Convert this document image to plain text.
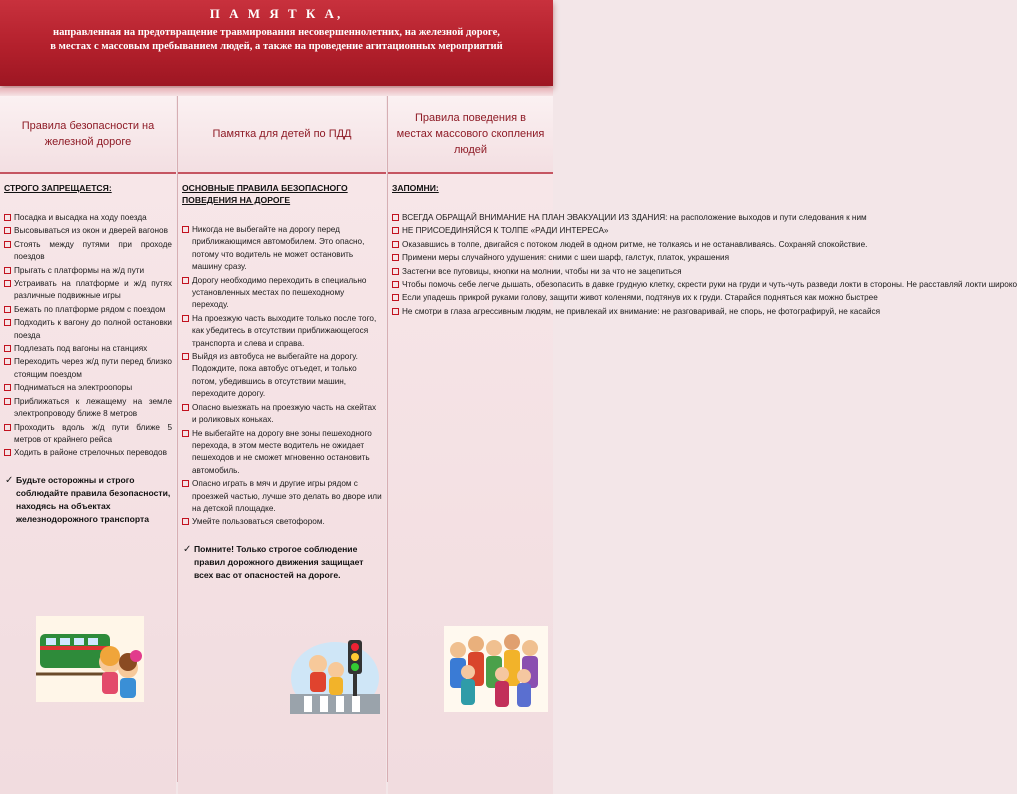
П А М Я Т К А,
направленная на предотвращение травмирования несовершеннолетних, на железной дороге,
в местах с массовым пребыванием людей, а также на проведение агитационных мероприятий
Правила безопасности на железной дороге
СТРОГО ЗАПРЕЩАЕТСЯ:
Посадка и высадка на ходу поезда
Высовываться из окон и дверей вагонов
Стоять между путями при проходе поездов
Прыгать с платформы на ж/д пути
Устраивать на платформе и ж/д путях различные подвижные игры
Бежать по платформе рядом с поездом
Подходить к вагону до полной остановки поезда
Подлезать под вагоны на станциях
Переходить через ж/д пути перед близко стоящим поездом
Подниматься на электроопоры
Приближаться к лежащему на земле электропроводу ближе 8 метров
Проходить вдоль ж/д пути ближе 5 метров от крайнего рейса
Ходить в районе стрелочных переводов
✓ Будьте осторожны и строго соблюдайте правила безопасности, находясь на объектах железнодорожного транспорта
Памятка для детей по ПДД
ОСНОВНЫЕ ПРАВИЛА БЕЗОПАСНОГО ПОВЕДЕНИЯ НА ДОРОГЕ
Никогда не выбегайте на дорогу перед приближающимся автомобилем. Это опасно, потому что водитель не может остановить машину сразу.
Дорогу необходимо переходить в специально установленных местах по пешеходному переходу.
На проезжую часть выходите только после того, как убедитесь в отсутствии приближающегося транспорта и слева и справа.
Выйдя из автобуса не выбегайте на дорогу. Подождите, пока автобус отъедет, и только потом, убедившись в отсутствии машин, переходите дорогу.
Опасно выезжать на проезжую часть на скейтах и роликовых коньках.
Не выбегайте на дорогу вне зоны пешеходного перехода, в этом месте водитель не ожидает пешеходов и не сможет мгновенно остановить автомобиль.
Опасно играть в мяч и другие игры рядом с проезжей частью, лучше это делать во дворе или на детской площадке.
Умейте пользоваться светофором.
✓ Помните! Только строгое соблюдение правил дорожного движения защищает всех вас от опасностей на дороге.
Правила поведения в местах массового скопления людей
ЗАПОМНИ:
ВСЕГДА ОБРАЩАЙ ВНИМАНИЕ НА ПЛАН ЭВАКУАЦИИ ИЗ ЗДАНИЯ: на расположение выходов и пути следования к ним
НЕ ПРИСОЕДИНЯЙСЯ К ТОЛПЕ «РАДИ ИНТЕРЕСА»
Оказавшись в толпе, двигайся с потоком людей в одном ритме, не толкаясь и не останавливаясь. Сохраняй спокойствие.
Примени меры случайного удушения: сними с шеи шарф, галстук, платок, украшения
Застегни все пуговицы, кнопки на молнии, чтобы ни за что не зацепиться
Чтобы помочь себе легче дышать, обезопасить в давке грудную клетку, скрести руки на груди и чуть-чуть разведи локти в стороны. Не расставляй локти широко
Если упадешь прикрой руками голову, защити живот коленями, подтянув их к груди. Старайся подняться как можно быстрее
Не смотри в глаза агрессивным людям, не привлекай их внимание: не разговаривай, не спорь, не фотографируй, не касайся
